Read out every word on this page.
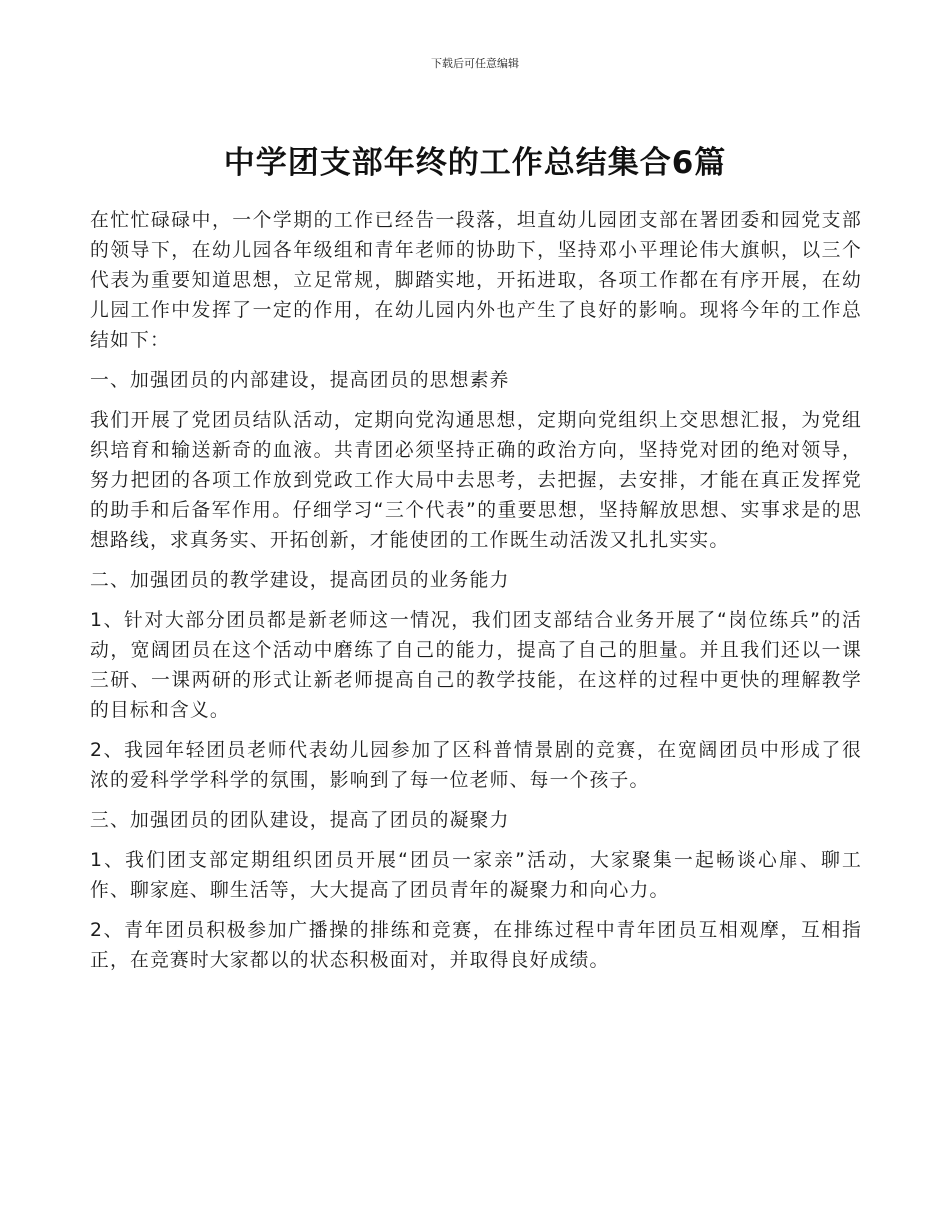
下载后可任意编辑
中学团支部年终的工作总结集合6篇

在忙忙碌碌中，一个学期的工作已经告一段落，坦直幼儿园团支部在署团委和园党支部的领导下，在幼儿园各年级组和青年老师的协助下，坚持邓小平理论伟大旗帜，以三个代表为重要知道思想，立足常规，脚踏实地，开拓进取，各项工作都在有序开展，在幼儿园工作中发挥了一定的作用，在幼儿园内外也产生了良好的影响。现将今年的工作总结如下：

一、加强团员的内部建设，提高团员的思想素养

我们开展了党团员结队活动，定期向党沟通思想，定期向党组织上交思想汇报，为党组织培育和输送新奇的血液。共青团必须坚持正确的政治方向，坚持党对团的绝对领导，努力把团的各项工作放到党政工作大局中去思考，去把握，去安排，才能在真正发挥党的助手和后备军作用。仔细学习“三个代表”的重要思想，坚持解放思想、实事求是的思想路线，求真务实、开拓创新，才能使团的工作既生动活泼又扎扎实实。

二、加强团员的教学建设，提高团员的业务能力

1、针对大部分团员都是新老师这一情况，我们团支部结合业务开展了“岗位练兵”的活动，宽阔团员在这个活动中磨练了自己的能力，提高了自己的胆量。并且我们还以一课三研、一课两研的形式让新老师提高自己的教学技能，在这样的过程中更快的理解教学的目标和含义。

2、我园年轻团员老师代表幼儿园参加了区科普情景剧的竞赛，在宽阔团员中形成了很浓的爱科学学科学的氛围，影响到了每一位老师、每一个孩子。

三、加强团员的团队建设，提高了团员的凝聚力

1、我们团支部定期组织团员开展“团员一家亲”活动，大家聚集一起畅谈心扉、聊工作、聊家庭、聊生活等，大大提高了团员青年的凝聚力和向心力。

2、青年团员积极参加广播操的排练和竞赛，在排练过程中青年团员互相观摩，互相指正，在竞赛时大家都以的状态积极面对，并取得良好成绩。
